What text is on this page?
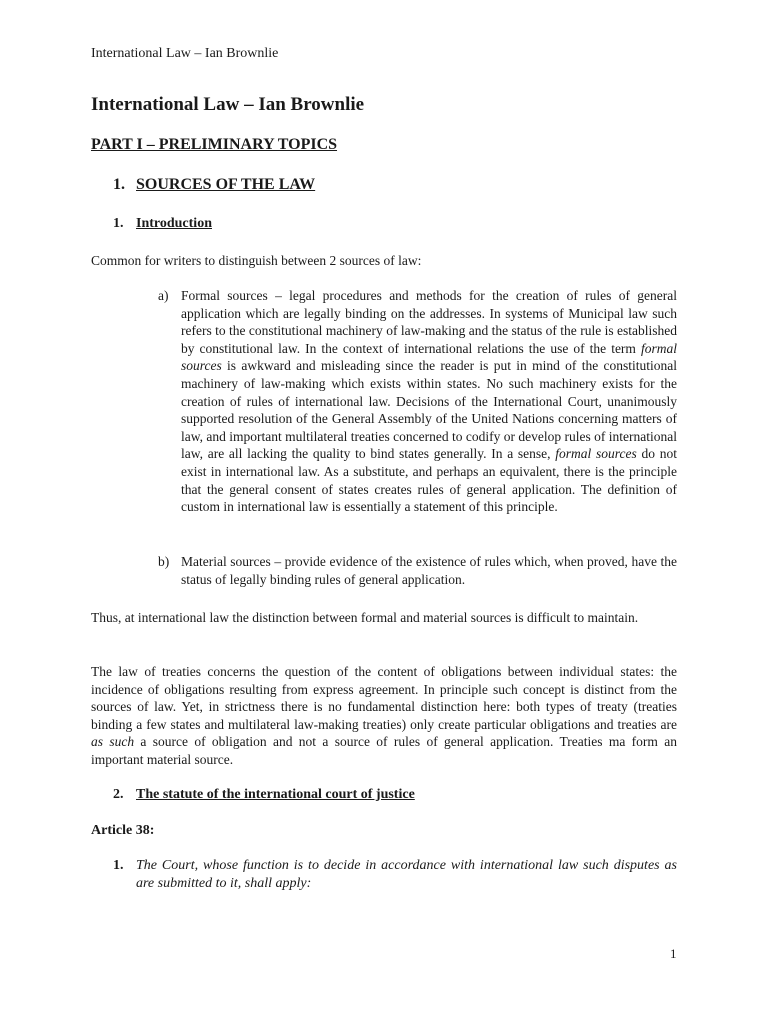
International Law – Ian Brownlie
International Law – Ian Brownlie
PART I – PRELIMINARY TOPICS
1. SOURCES OF THE LAW
1. Introduction

Common for writers to distinguish between 2 sources of law:

a) Formal sources – legal procedures and methods for the creation of rules of general application which are legally binding on the addresses. In systems of Municipal law such refers to the constitutional machinery of law-making and the status of the rule is established by constitutional law. In the context of international relations the use of the term formal sources is awkward and misleading since the reader is put in mind of the constitutional machinery of law-making which exists within states. No such machinery exists for the creation of rules of international law. Decisions of the International Court, unanimously supported resolution of the General Assembly of the United Nations concerning matters of law, and important multilateral treaties concerned to codify or develop rules of international law, are all lacking the quality to bind states generally. In a sense, formal sources do not exist in international law. As a substitute, and perhaps an equivalent, there is the principle that the general consent of states creates rules of general application. The definition of custom in international law is essentially a statement of this principle.
b) Material sources – provide evidence of the existence of rules which, when proved, have the status of legally binding rules of general application.

Thus, at international law the distinction between formal and material sources is difficult to maintain.

The law of treaties concerns the question of the content of obligations between individual states: the incidence of obligations resulting from express agreement. In principle such concept is distinct from the sources of law. Yet, in strictness there is no fundamental distinction here: both types of treaty (treaties binding a few states and multilateral law-making treaties) only create particular obligations and treaties are as such a source of obligation and not a source of rules of general application. Treaties ma form an important material source.

2. The statute of the international court of justice
Article 38:
1. The Court, whose function is to decide in accordance with international law such disputes as are submitted to it, shall apply:
1
